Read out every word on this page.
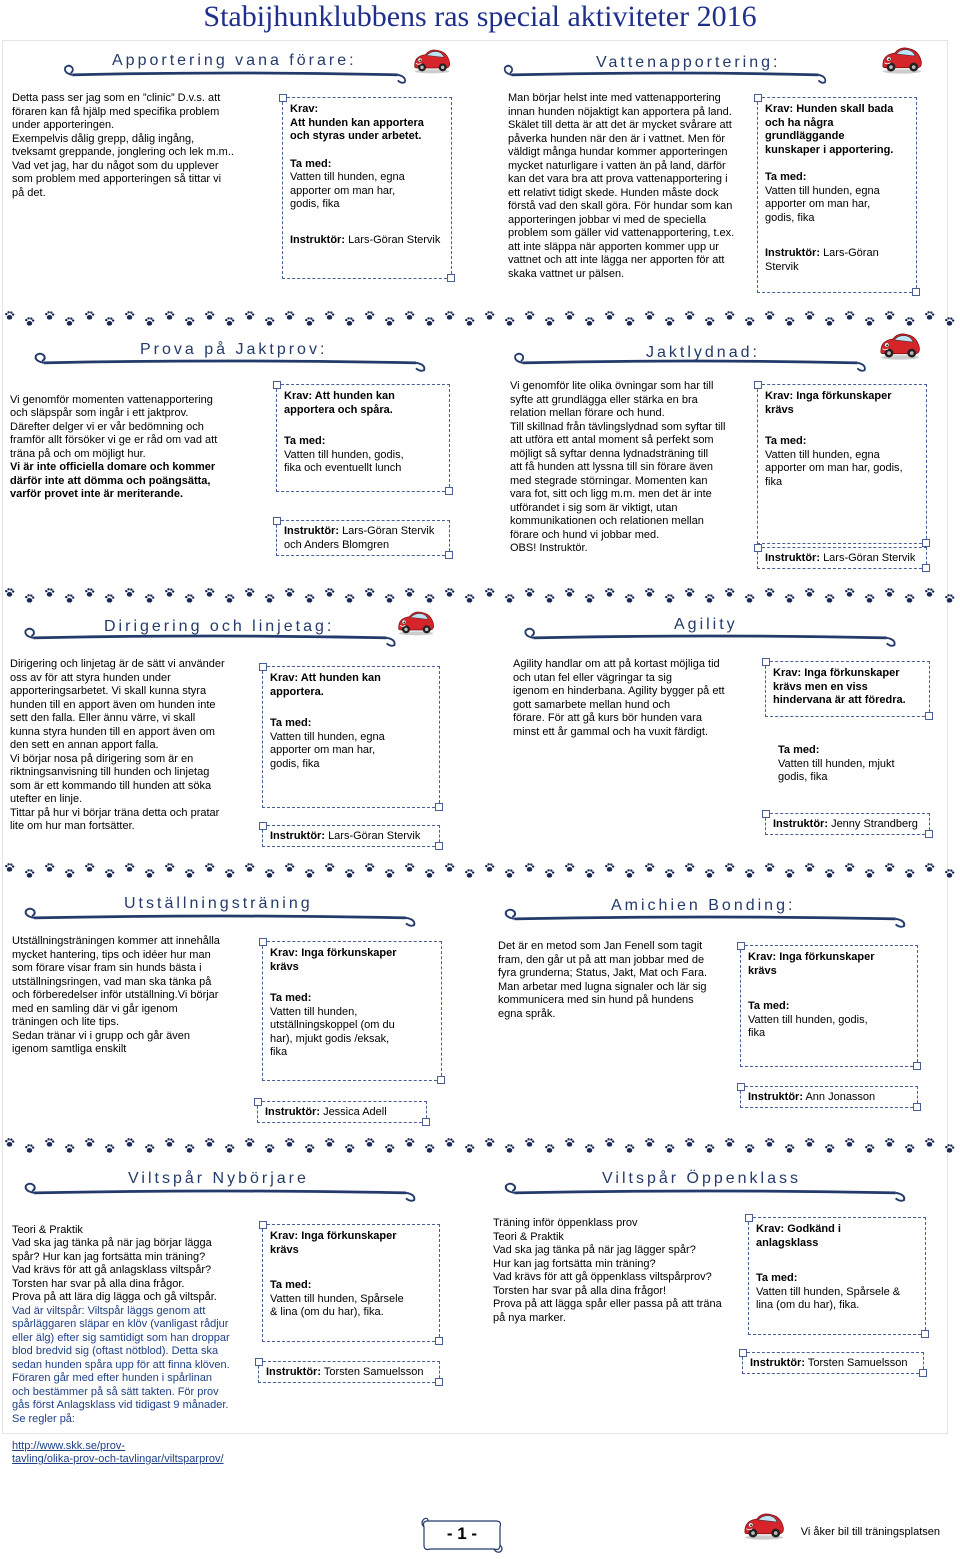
Stabijhunklubbens ras special aktiviteter 2016
Apportering vana förare:
Detta pass ser jag som en ”clinic” D.v.s. att
föraren kan få hjälp med specifika problem
under apporteringen.
Exempelvis dålig grepp, dålig ingång,
tveksamt greppande, jonglering och lek m.m..
Vad vet jag, har du något som du upplever
som problem med apporteringen så tittar vi
på det.
Krav:
Att hunden kan apportera
och styras under arbetet.
Ta med:
Vatten till hunden, egna
apporter om man har,
godis, fika
Instruktör: Lars-Göran Stervik
Vattenapportering:
Man börjar helst inte med vattenapportering
innan hunden nöjaktigt kan apportera på land.
Skälet till detta är att det är mycket svårare att
påverka hunden när den är i vattnet. Men för
väldigt många hundar kommer apporteringen
mycket naturligare i vatten än på land, därför
kan det vara bra att prova vattenapportering i
ett relativt tidigt skede. Hunden måste dock
förstå vad den skall göra. För hundar som kan
apporteringen jobbar vi med de speciella
problem som gäller vid vattenapportering, t.ex.
att inte släppa när apporten kommer upp ur
vattnet och att inte lägga ner apporten för att
skaka vattnet ur pälsen.
Krav: Hunden skall bada
och ha några
grundläggande
kunskaper i apportering.
Ta med:
Vatten till hunden, egna
apporter om man har,
godis, fika
Instruktör: Lars-Göran Stervik
Prova på Jaktprov:

Vi genomför momenten vattenapportering
och släpspår som ingår i ett jaktprov.
Därefter delger vi er vår bedömning och
framför allt försöker vi ge er råd om vad att
träna på och om möjligt hur.

Vi är inte officiella domare och kommer
därför inte att dömma och poängsätta,
varför provet inte är meriterande.

Krav: Att hunden kan
apportera och spåra.
Ta med:
Vatten till hunden, godis,
fika och eventuellt lunch
Instruktör: Lars-Göran Stervik
och Anders Blomgren
Jaktlydnad:
Vi genomför lite olika övningar som har till
syfte att grundlägga eller stärka en bra
relation mellan förare och hund.
Till skillnad från tävlingslydnad som syftar till
att utföra ett antal moment så perfekt som
möjligt så syftar denna lydnadsträning till
att få hunden att lyssna till sin förare även
med stegrade störningar. Momenten kan
vara fot, sitt och ligg m.m. men det är inte
utförandet i sig som är viktigt, utan
kommunikationen och relationen mellan
förare och hund vi jobbar med.
OBS! Instruktör.
Krav: Inga förkunskaper
krävs
Ta med:
Vatten till hunden, egna
apporter om man har, godis,
fika
Instruktör: Lars-Göran Stervik
Dirigering och linjetag:
Dirigering och linjetag är de sätt vi använder
oss av för att styra hunden under
apporteringsarbetet. Vi skall kunna styra
hunden till en apport även om hunden inte
sett den falla. Eller ännu värre, vi skall
kunna styra hunden till en apport även om
den sett en annan apport falla.
Vi börjar nosa på dirigering som är en
riktningsanvisning till hunden och linjetag
som är ett kommando till hunden att söka
utefter en linje.
Tittar på hur vi börjar träna detta och pratar
lite om hur man fortsätter.
Krav: Att hunden kan
apportera.
Ta med:
Vatten till hunden, egna
apporter om man har,
godis, fika
Instruktör: Lars-Göran Stervik
Agility
Agility handlar om att på kortast möjliga tid
och utan fel eller vägringar ta sig
igenom en hinderbana. Agility bygger på ett
gott samarbete mellan hund och
förare. För att gå kurs bör hunden vara
minst ett år gammal och ha vuxit färdigt.
Krav: Inga förkunskaper
krävs men en viss
hindervana är att föredra.
Ta med:
Vatten till hunden, mjukt
godis, fika
Instruktör: Jenny Strandberg
Utställningsträning
Utställningsträningen kommer att innehålla
mycket hantering, tips och idéer hur man
som förare visar fram sin hunds bästa i
utställningsringen, vad man ska tänka på
och förberedelser inför utställning.Vi börjar
med en samling där vi går igenom
träningen och lite tips.
Sedan tränar vi i grupp och går även
igenom samtliga enskilt
Krav: Inga förkunskaper
krävs
Ta med:
Vatten till hunden,
utställningskoppel (om du
har), mjukt godis /eksak,
fika
Instruktör: Jessica Adell
Amichien Bonding:
Det är en metod som Jan Fenell som tagit
fram, den går ut på att man jobbar med de
fyra grunderna; Status, Jakt, Mat och Fara.
Man arbetar med lugna signaler och lär sig
kommunicera med sin hund på hundens
egna språk.
Krav: Inga förkunskaper
krävs
Ta med:
Vatten till hunden, godis,
fika
Instruktör: Ann Jonasson
Viltspår Nybörjare

Teori & Praktik
Vad ska jag tänka på när jag börjar lägga
spår? Hur kan jag fortsätta min träning?
Vad krävs för att gå anlagsklass viltspår?
Torsten har svar på alla dina frågor.
Prova på att lära dig lägga och gå viltspår.

Vad är viltspår: Viltspår läggs genom att
spårläggaren släpar en klöv (vanligast rådjur
eller älg) efter sig samtidigt som han droppar
blod bredvid sig (oftast nötblod). Detta ska
sedan hunden spåra upp för att finna klöven.
Föraren går med efter hunden i spårlinan
och bestämmer på så sätt takten. För prov
gås först Anlagsklass vid tidigast 9 månader.
Se regler på:

http://www.skk.se/prov-
tavling/olika-prov-och-tavlingar/viltsparprov/

Krav: Inga förkunskaper
krävs
Ta med:
Vatten till hunden, Spårsele
& lina (om du har), fika.
Instruktör: Torsten Samuelsson
Viltspår Öppenklass
Träning inför öppenklass prov
Teori & Praktik
Vad ska jag tänka på när jag lägger spår?
Hur kan jag fortsätta min träning?
Vad krävs för att gå öppenklass viltspårprov?
Torsten har svar på alla dina frågor!
Prova på att lägga spår eller passa på att träna
på nya marker.
Krav: Godkänd i
anlagsklass
Ta med:
Vatten till hunden, Spårsele &
lina (om du har), fika.
Instruktör: Torsten Samuelsson
Vi åker bil till träningsplatsen
- 1 -
